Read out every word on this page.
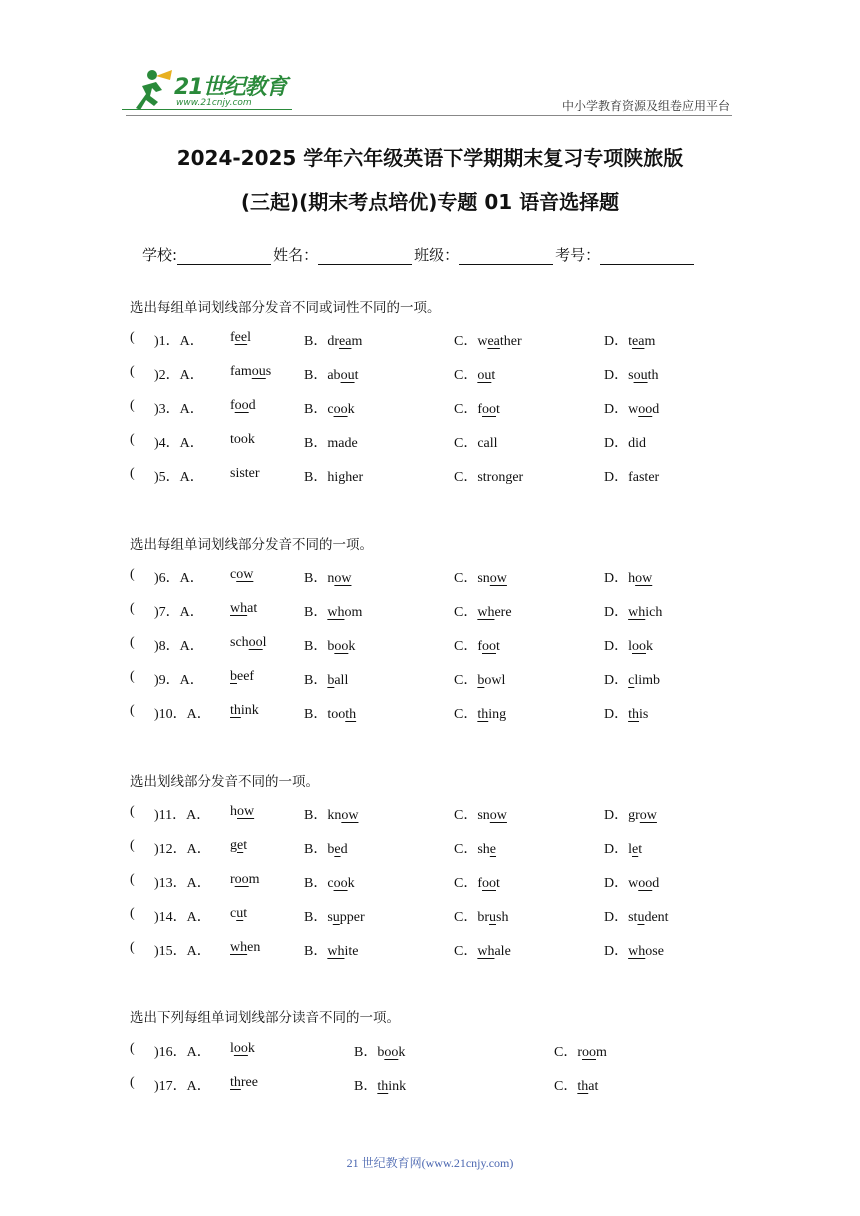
21世纪教育
www.21cnjy.com	中小学教育资源及组卷应用平台
2024-2025 学年六年级英语下学期期末复习专项陕旅版
(三起)(期末考点培优)专题 01 语音选择题
学校:	姓名：	班级：	考号：
选出每组单词划线部分发音不同或词性不同的一项。
选出每组单词划线部分发音不同的一项。
选出划线部分发音不同的一项。
选出下列每组单词划线部分读音不同的一项。
( )1．A． feel	B．dream	C．weather	D．team
( )2．A． famous B．about	C．out	D．south
( )3．A． food	B．cook	C．foot	D．wood
( )4．A． took	B．made	C．call	D．did
( )5．A． sister	B．higher	C．stronger	D．faster
( )6．A． cow	B．now	C．snow	D．how
( )7．A． what	B．whom	C．where	D．which
( )8．A． school	B．book	C．foot	D．look
( )9．A． beef	B．ball	C．bowl	D．climb
( )10．A． think	B．tooth	C．thing	D．this
( )11．A． how	B．know	C．snow	D．grow
( )12．A． get	B．bed	C．she	D．let
( )13．A． room	B．cook	C．foot	D．wood
( )14．A． cut	B．supper	C．brush	D．student
( )15．A． when	B．white	C．whale	D．whose
( )16．A． look	B．book	C．room
( )17．A． three	B．think	C．that
21 世纪教育网(www.21cnjy.com)
